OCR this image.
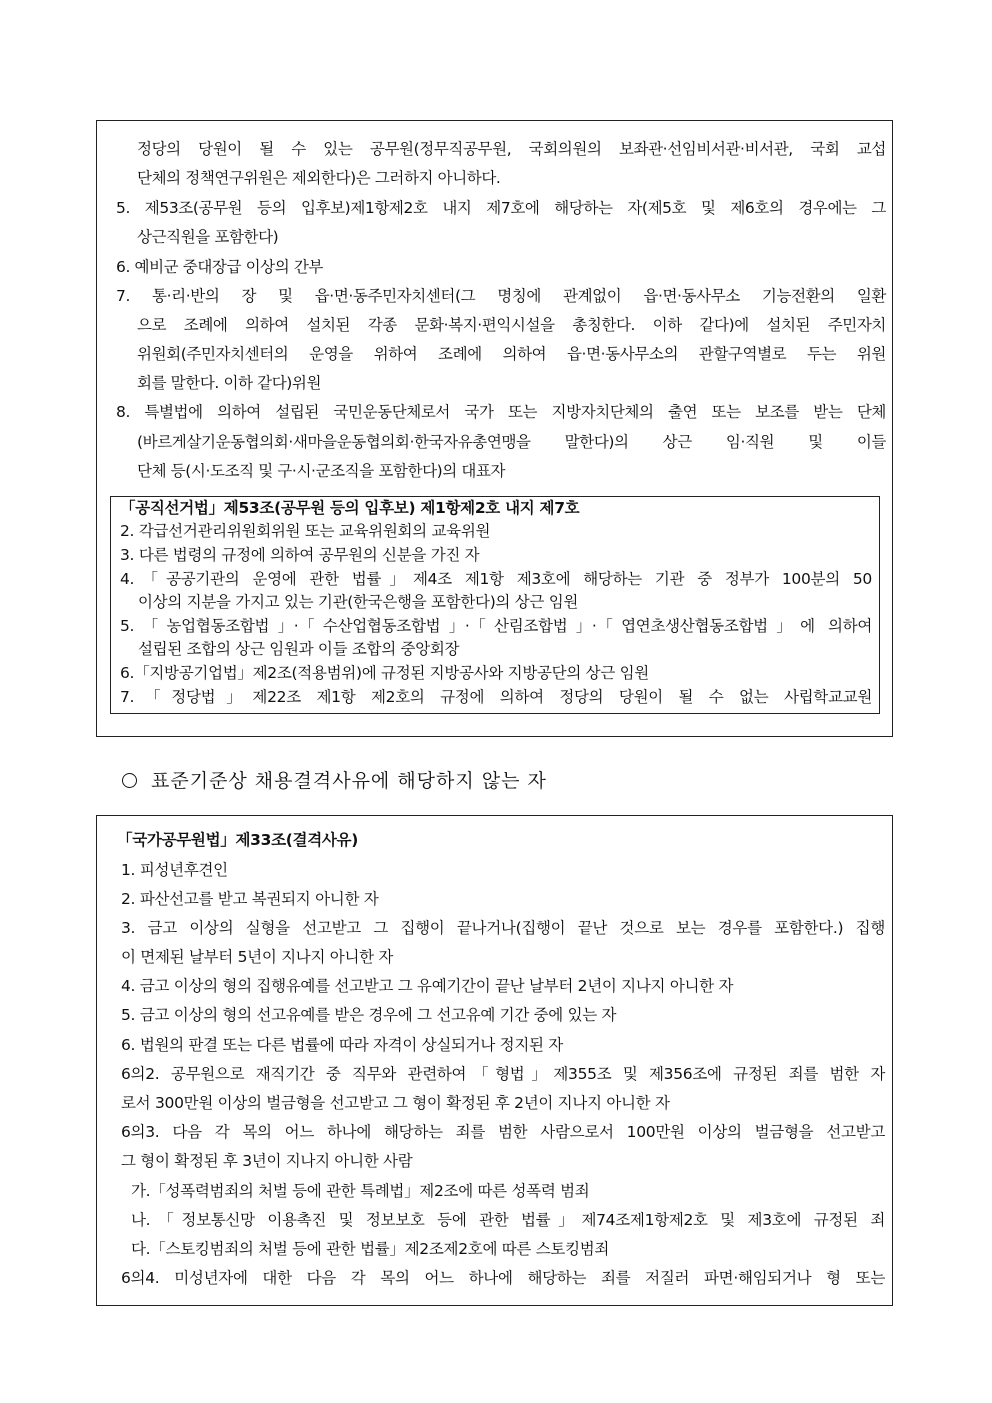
정당의 당원이 될 수 있는 공무원(정무직공무원, 국회의원의 보좌관·선임비서관·비서관, 국회 교섭
단체의 정책연구위원은 제외한다)은 그러하지 아니하다.
5. 제53조(공무원 등의 입후보)제1항제2호 내지 제7호에 해당하는 자(제5호 및 제6호의 경우에는 그
상근직원을 포함한다)
6. 예비군 중대장급 이상의 간부
7. 통·리·반의 장 및 읍·면·동주민자치센터(그 명칭에 관계없이 읍·면·동사무소 기능전환의 일환
으로 조례에 의하여 설치된 각종 문화·복지·편익시설을 총칭한다. 이하 같다)에 설치된 주민자치
위원회(주민자치센터의 운영을 위하여 조례에 의하여 읍·면·동사무소의 관할구역별로 두는 위원
회를 말한다. 이하 같다)위원
8. 특별법에 의하여 설립된 국민운동단체로서 국가 또는 지방자치단체의 출연 또는 보조를 받는 단체
(바르게살기운동협의회·새마을운동협의회·한국자유총연맹을 말한다)의 상근 임·직원 및 이들
단체 등(시·도조직 및 구·시·군조직을 포함한다)의 대표자
「공직선거법」제53조(공무원 등의 입후보) 제1항제2호 내지 제7호
2. 각급선거관리위원회위원 또는 교육위원회의 교육위원
3. 다른 법령의 규정에 의하여 공무원의 신분을 가진 자
4.「공공기관의 운영에 관한 법률」제4조 제1항 제3호에 해당하는 기관 중 정부가 100분의 50
이상의 지분을 가지고 있는 기관(한국은행을 포함한다)의 상근 임원
5.「농업협동조합법」·「수산업협동조합법」·「산림조합법」·「엽연초생산협동조합법」에 의하여
설립된 조합의 상근 임원과 이들 조합의 중앙회장
6.「지방공기업법」제2조(적용범위)에 규정된 지방공사와 지방공단의 상근 임원
7.「정당법」제22조 제1항 제2호의 규정에 의하여 정당의 당원이 될 수 없는 사립학교교원
표준기준상 채용결격사유에 해당하지 않는 자
「국가공무원법」제33조(결격사유)
1. 피성년후견인
2. 파산선고를 받고 복권되지 아니한 자
3. 금고 이상의 실형을 선고받고 그 집행이 끝나거나(집행이 끝난 것으로 보는 경우를 포함한다.) 집행
이 면제된 날부터 5년이 지나지 아니한 자
4. 금고 이상의 형의 집행유예를 선고받고 그 유예기간이 끝난 날부터 2년이 지나지 아니한 자
5. 금고 이상의 형의 선고유예를 받은 경우에 그 선고유예 기간 중에 있는 자
6. 법원의 판결 또는 다른 법률에 따라 자격이 상실되거나 정지된 자
6의2. 공무원으로 재직기간 중 직무와 관련하여「형법」제355조 및 제356조에 규정된 죄를 범한 자
로서 300만원 이상의 벌금형을 선고받고 그 형이 확정된 후 2년이 지나지 아니한 자
6의3. 다음 각 목의 어느 하나에 해당하는 죄를 범한 사람으로서 100만원 이상의 벌금형을 선고받고
그 형이 확정된 후 3년이 지나지 아니한 사람
가.「성폭력범죄의 처벌 등에 관한 특례법」제2조에 따른 성폭력 범죄
나.「정보통신망 이용촉진 및 정보보호 등에 관한 법률」제74조제1항제2호 및 제3호에 규정된 죄
다.「스토킹범죄의 처벌 등에 관한 법률」제2조제2호에 따른 스토킹범죄
6의4. 미성년자에 대한 다음 각 목의 어느 하나에 해당하는 죄를 저질러 파면·해임되거나 형 또는
